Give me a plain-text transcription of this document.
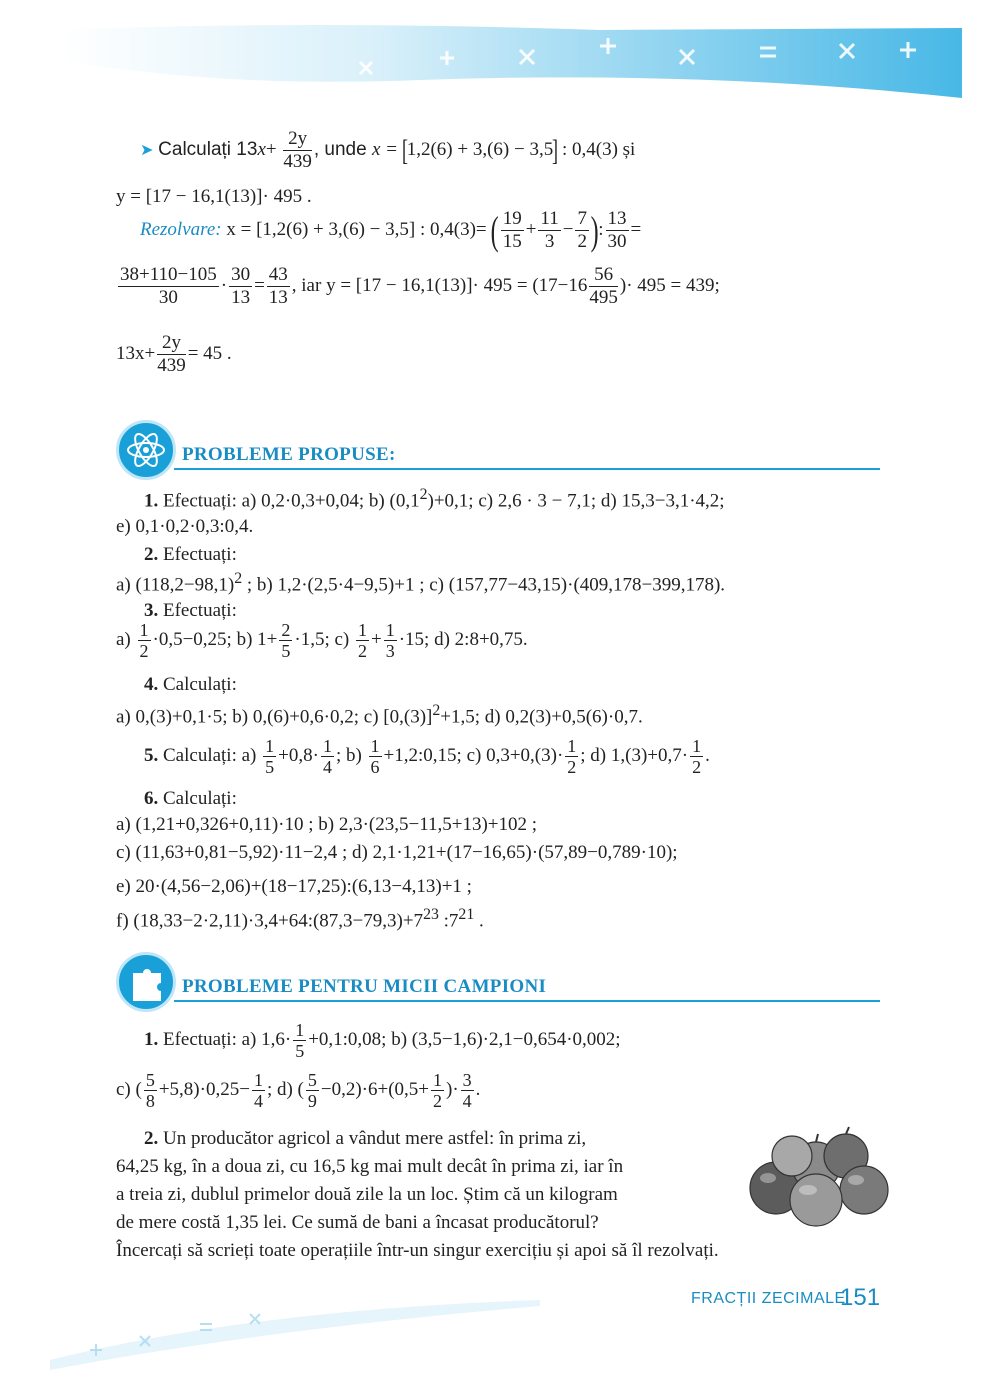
➤ Calculați $13x+ \frac{2y}{439}$ , unde x = [1,2(6) + 3,(6) − 3,5] : 0,4(3) și
y = [17 − 16,1(13)]· 495 .
Rezolvare: x = [1,2(6) + 3,(6) − 3,5] : 0,4(3)= ( $\frac{19}{15} + \frac{11}{3} - \frac{7}{2}$ ): $\frac{13}{30}$ =
$\frac{38+110-105}{30} \cdot \frac{30}{13} = \frac{43}{13}$ , iar $y = [17 - 16,1(13)]\cdot 495 = (17-16 \frac{56}{495}$ )· 495 = 439;
$13x+ \frac{2y}{439} = 45$ .
PROBLEME PROPUSE:
1. Efectuați: a) 0,2·0,3+0,04; b) $(0,1^2)+0,1$; c) 2,6 · 3 − 7,1; d) 15,3−3,1·4,2;
e) 0,1·0,2·0,3:0,4.
2. Efectuați:
a) $(118,2-98,1)^2$ ; b) 1,2·(2,5·4−9,5)+1 ; c) (157,77−43,15)·(409,178−399,178).
3. Efectuați:
$a) \frac{1}{2} \cdot 0,5-0,25$; b) $1+ \frac{2}{5} \cdot 1,5$; $c) \frac{1}{2} + \frac{1}{3} \cdot 15$; d) 2:8+0,75.
4. Calculați:
a) 0,(3)+0,1·5; b) 0,(6)+0,6·0,2; c) $[0,(3)]^2+1,5$; d) 0,2(3)+0,5(6)·0,7.
5. Calculați: $a) \frac{1}{5} +0,8\cdot \frac{1}{4}$ ; $b) \frac{1}{6}$ +1,2:0,15; c) $0,3+0,(3)\cdot \frac{1}{2}$ ; d) $1,(3)+0,7\cdot \frac{1}{2}$ .
6. Calculați:
a) (1,21+0,326+0,11)·10 ; b) 2,3·(23,5−11,5+13)+102 ;
c) (11,63+0,81−5,92)·11−2,4 ; d) 2,1·1,21+(17−16,65)·(57,89−0,789·10);
e) 20·(4,56−2,06)+(18−17,25):(6,13−4,13)+1 ;
f) $(18,33-2\cdot 2,11)\cdot 3,4+64:(87,3-79,3)+7^{23}$ $:7^{21}$ .
PROBLEME PENTRU MICII CAMPIONI
1. Efectuați: a) $1,6\cdot \frac{1}{5}$ +0,1:0,08; b) (3,5−1,6)·2,1−0,654·0,002;
c) ( $\frac{5}{8} +5,8)\cdot 0,25- \frac{1}{4}$ ; d) ( $\frac{5}{9} -0,2)\cdot 6+(0,5+ \frac{1}{2}$ )· $\frac{3}{4}$ .
2. Un producător agricol a vândut mere astfel: în prima zi,
64,25 kg, în a doua zi, cu 16,5 kg mai mult decât în prima zi, iar în
a treia zi, dublul primelor două zile la un loc. Știm că un kilogram
de mere costă 1,35 lei. Ce sumă de bani a încasat producătorul?
Încercați să scrieți toate operațiile într-un singur exercițiu și apoi să îl rezolvați.
FRACȚII ZECIMALE
151
